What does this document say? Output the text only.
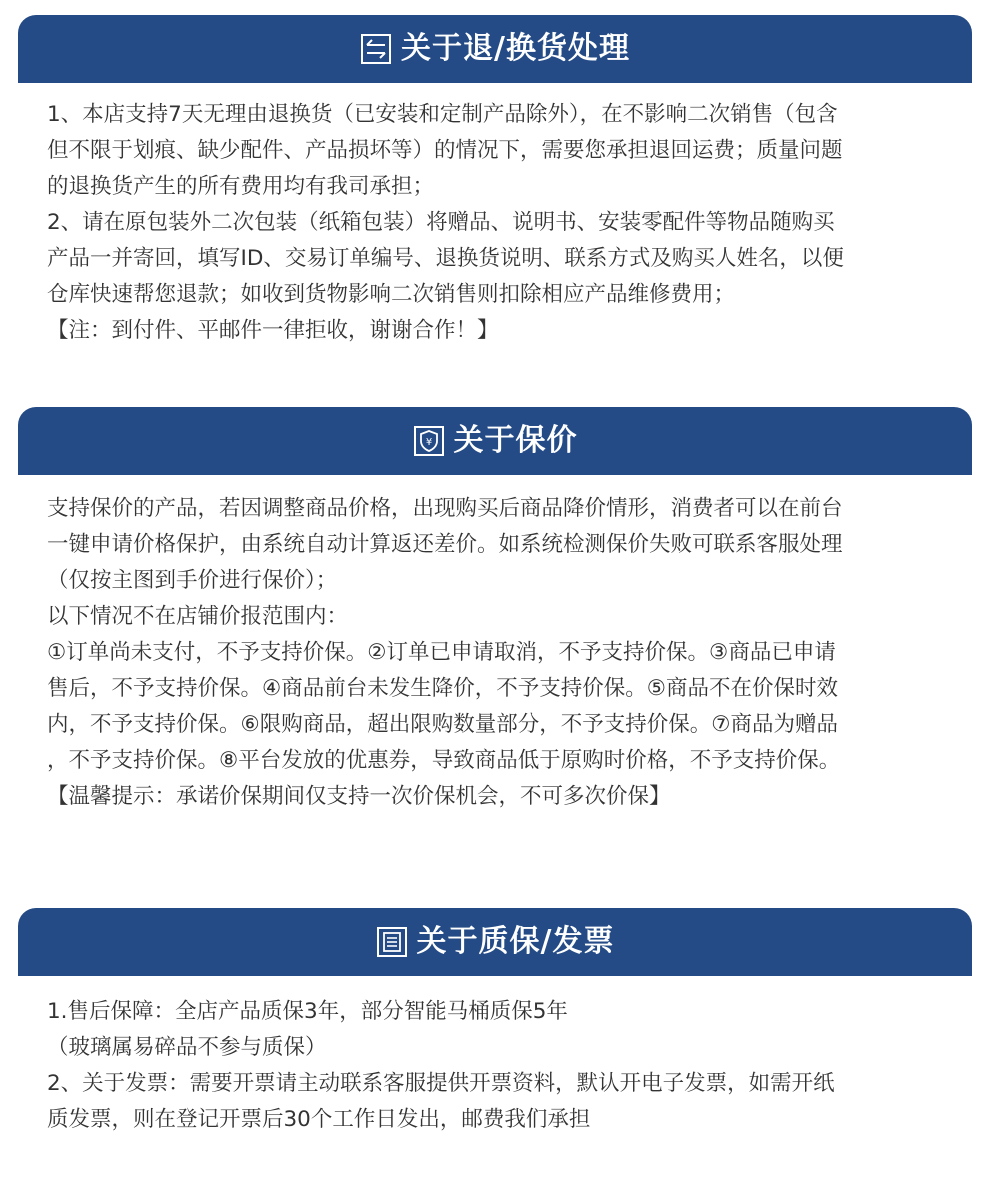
关于退/换货处理

1、本店支持7天无理由退换货（已安装和定制产品除外），在不影响二次销售（包含

但不限于划痕、缺少配件、产品损坏等）的情况下，需要您承担退回运费；质量问题

的退换货产生的所有费用均有我司承担；

2、请在原包装外二次包装（纸箱包装）将赠品、说明书、安装零配件等物品随购买

产品一并寄回，填写ID、交易订单编号、退换货说明、联系方式及购买人姓名，以便

仓库快速帮您退款；如收到货物影响二次销售则扣除相应产品维修费用；

【注：到付件、平邮件一律拒收，谢谢合作！】

¥ 关于保价

支持保价的产品，若因调整商品价格，出现购买后商品降价情形，消费者可以在前台

一键申请价格保护，由系统自动计算返还差价。如系统检测保价失败可联系客服处理

（仅按主图到手价进行保价）；

以下情况不在店铺价报范围内：

①订单尚未支付，不予支持价保。②订单已申请取消，不予支持价保。③商品已申请

售后，不予支持价保。④商品前台未发生降价，不予支持价保。⑤商品不在价保时效

内，不予支持价保。⑥限购商品，超出限购数量部分，不予支持价保。⑦商品为赠品

，不予支持价保。⑧平台发放的优惠券，导致商品低于原购时价格，不予支持价保。

【温馨提示：承诺价保期间仅支持一次价保机会，不可多次价保】

关于质保/发票

1.售后保障：全店产品质保3年，部分智能马桶质保5年

（玻璃属易碎品不参与质保）

2、关于发票：需要开票请主动联系客服提供开票资料，默认开电子发票，如需开纸

质发票，则在登记开票后30个工作日发出，邮费我们承担
